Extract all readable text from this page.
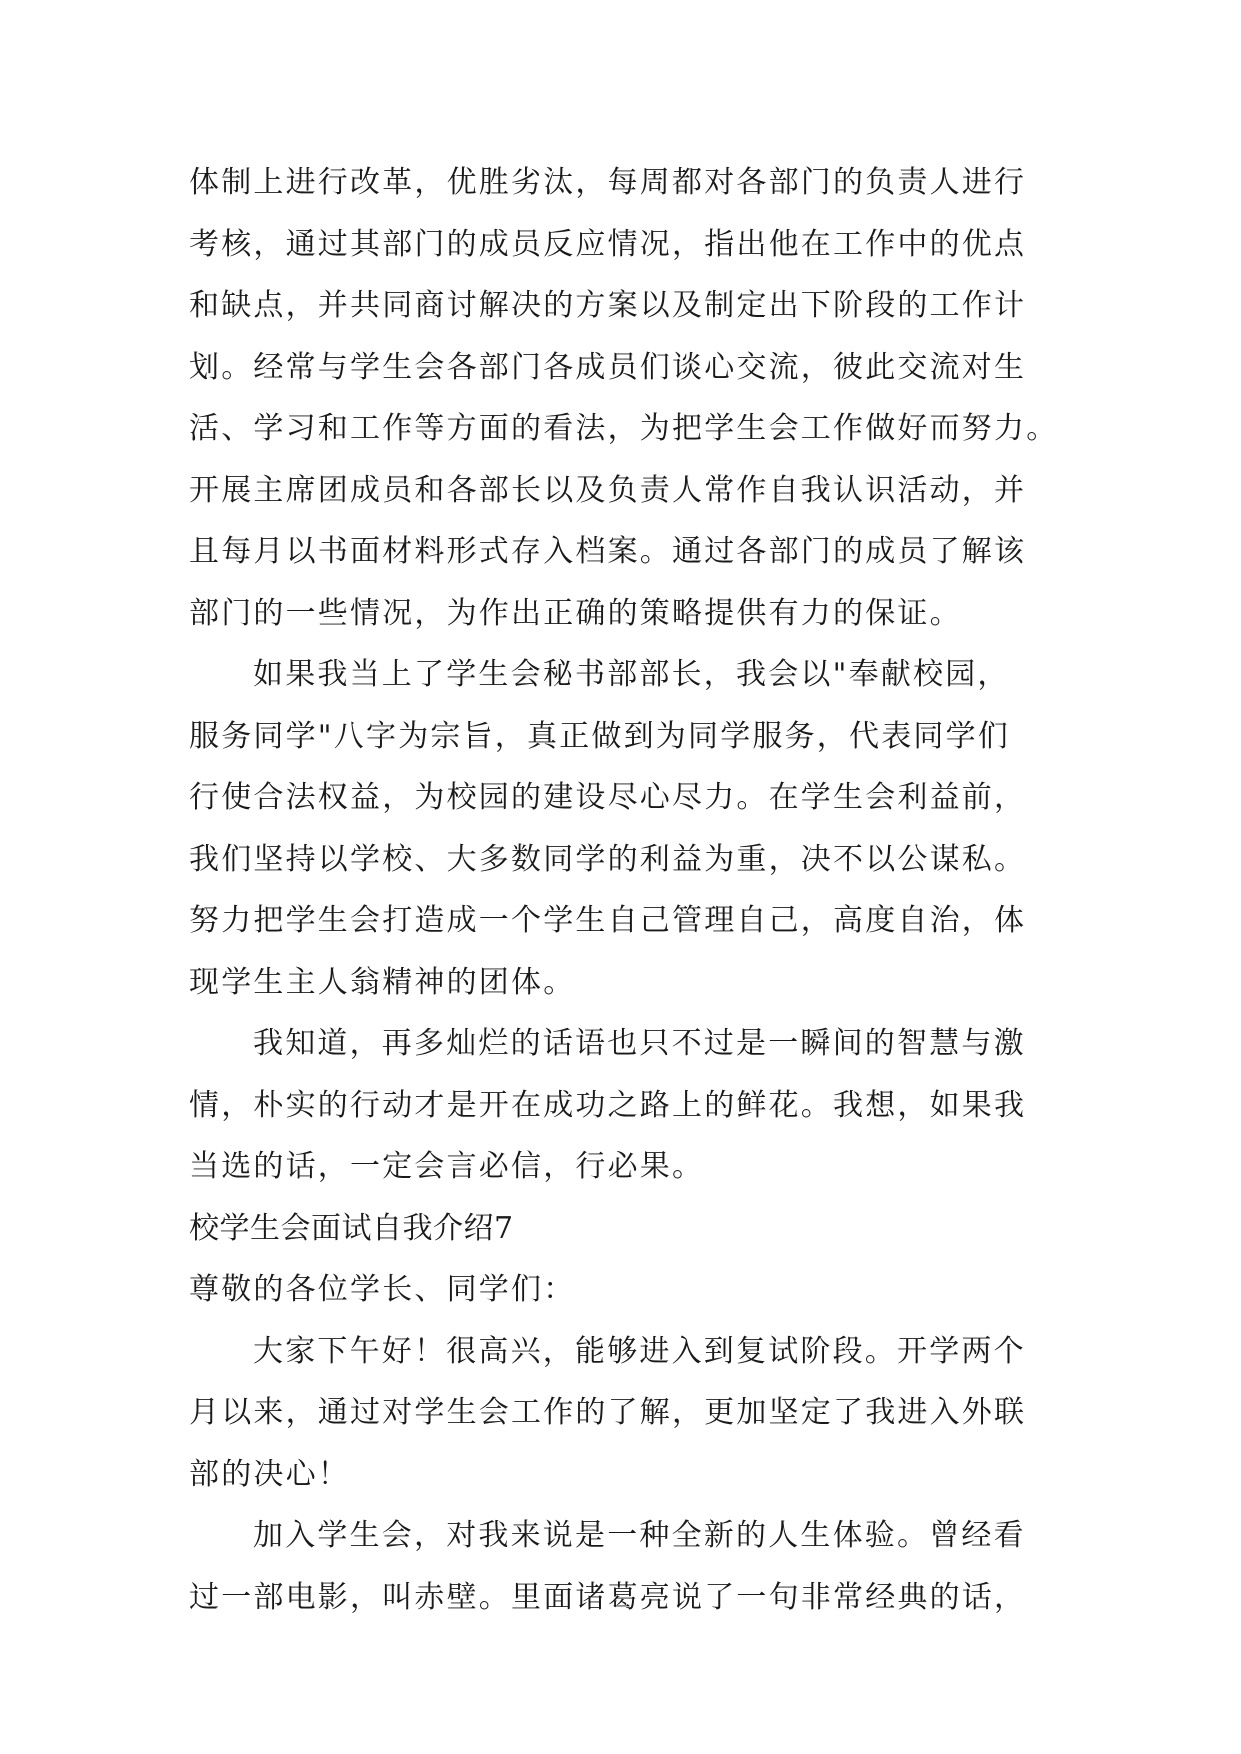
体制上进行改革，优胜劣汰，每周都对各部门的负责人进行
考核，通过其部门的成员反应情况，指出他在工作中的优点
和缺点，并共同商讨解决的方案以及制定出下阶段的工作计
划。经常与学生会各部门各成员们谈心交流，彼此交流对生
活、学习和工作等方面的看法，为把学生会工作做好而努力。
开展主席团成员和各部长以及负责人常作自我认识活动，并
且每月以书面材料形式存入档案。通过各部门的成员了解该
部门的一些情况，为作出正确的策略提供有力的保证。
如果我当上了学生会秘书部部长，我会以"奉献校园，
服务同学"八字为宗旨，真正做到为同学服务，代表同学们
行使合法权益，为校园的建设尽心尽力。在学生会利益前，
我们坚持以学校、大多数同学的利益为重，决不以公谋私。
努力把学生会打造成一个学生自己管理自己，高度自治，体
现学生主人翁精神的团体。
我知道，再多灿烂的话语也只不过是一瞬间的智慧与激
情，朴实的行动才是开在成功之路上的鲜花。我想，如果我
当选的话，一定会言必信，行必果。
校学生会面试自我介绍7
尊敬的各位学长、同学们：
大家下午好！很高兴，能够进入到复试阶段。开学两个
月以来，通过对学生会工作的了解，更加坚定了我进入外联
部的决心！
加入学生会，对我来说是一种全新的人生体验。曾经看
过一部电影，叫赤壁。里面诸葛亮说了一句非常经典的话，
